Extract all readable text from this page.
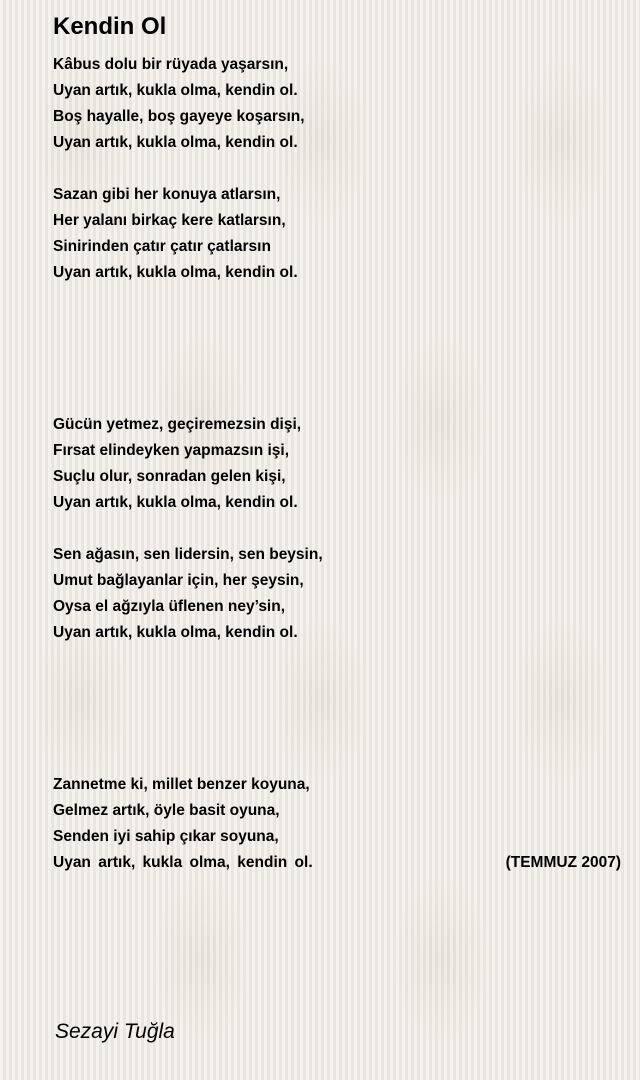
Kendin Ol
Kâbus dolu bir rüyada yaşarsın,
Uyan artık, kukla olma, kendin ol.
Boş hayalle, boş gayeye koşarsın,
Uyan artık, kukla olma, kendin ol.
Sazan gibi her konuya atlarsın,
Her yalanı birkaç kere katlarsın,
Sinirinden çatır çatır çatlarsın
Uyan artık, kukla olma, kendin ol.
Gücün yetmez, geçiremezsin dişi,
Fırsat elindeyken yapmazsın işi,
Suçlu olur, sonradan gelen kişi,
Uyan artık, kukla olma, kendin ol.
Sen ağasın, sen lidersin, sen beysin,
Umut bağlayanlar için, her şeysin,
Oysa el ağzıyla üflenen ney’sin,
Uyan artık, kukla olma, kendin ol.
Zannetme ki, millet benzer koyuna,
Gelmez artık, öyle basit oyuna,
Senden iyi sahip çıkar soyuna,
Uyan artık, kukla olma, kendin ol.	(TEMMUZ 2007)
Sezayi Tuğla
